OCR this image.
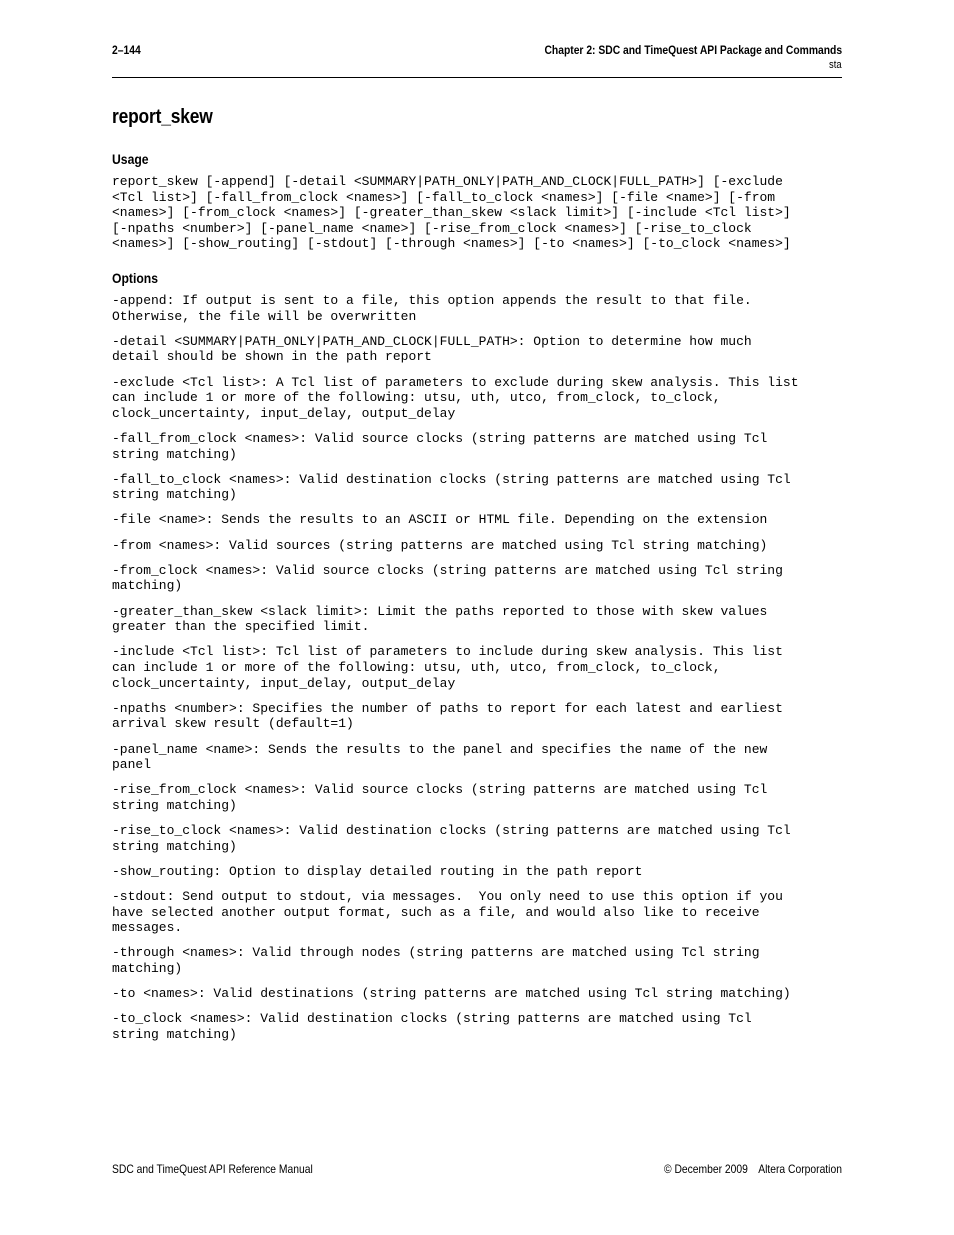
2–144	Chapter 2: SDC and TimeQuest API Package and Commands
sta
report_skew
Usage
report_skew [-append] [-detail <SUMMARY|PATH_ONLY|PATH_AND_CLOCK|FULL_PATH>] [-exclude
<Tcl list>] [-fall_from_clock <names>] [-fall_to_clock <names>] [-file <name>] [-from
<names>] [-from_clock <names>] [-greater_than_skew <slack limit>] [-include <Tcl list>]
[-npaths <number>] [-panel_name <name>] [-rise_from_clock <names>] [-rise_to_clock
<names>] [-show_routing] [-stdout] [-through <names>] [-to <names>] [-to_clock <names>]
Options
-append: If output is sent to a file, this option appends the result to that file.
Otherwise, the file will be overwritten
-detail <SUMMARY|PATH_ONLY|PATH_AND_CLOCK|FULL_PATH>: Option to determine how much
detail should be shown in the path report
-exclude <Tcl list>: A Tcl list of parameters to exclude during skew analysis. This list
can include 1 or more of the following: utsu, uth, utco, from_clock, to_clock,
clock_uncertainty, input_delay, output_delay
-fall_from_clock <names>: Valid source clocks (string patterns are matched using Tcl
string matching)
-fall_to_clock <names>: Valid destination clocks (string patterns are matched using Tcl
string matching)
-file <name>: Sends the results to an ASCII or HTML file. Depending on the extension
-from <names>: Valid sources (string patterns are matched using Tcl string matching)
-from_clock <names>: Valid source clocks (string patterns are matched using Tcl string
matching)
-greater_than_skew <slack limit>: Limit the paths reported to those with skew values
greater than the specified limit.
-include <Tcl list>: Tcl list of parameters to include during skew analysis. This list
can include 1 or more of the following: utsu, uth, utco, from_clock, to_clock,
clock_uncertainty, input_delay, output_delay
-npaths <number>: Specifies the number of paths to report for each latest and earliest
arrival skew result (default=1)
-panel_name <name>: Sends the results to the panel and specifies the name of the new
panel
-rise_from_clock <names>: Valid source clocks (string patterns are matched using Tcl
string matching)
-rise_to_clock <names>: Valid destination clocks (string patterns are matched using Tcl
string matching)
-show_routing: Option to display detailed routing in the path report
-stdout: Send output to stdout, via messages.  You only need to use this option if you
have selected another output format, such as a file, and would also like to receive
messages.
-through <names>: Valid through nodes (string patterns are matched using Tcl string
matching)
-to <names>: Valid destinations (string patterns are matched using Tcl string matching)
-to_clock <names>: Valid destination clocks (string patterns are matched using Tcl
string matching)
SDC and TimeQuest API Reference Manual	© December 2009 Altera Corporation
